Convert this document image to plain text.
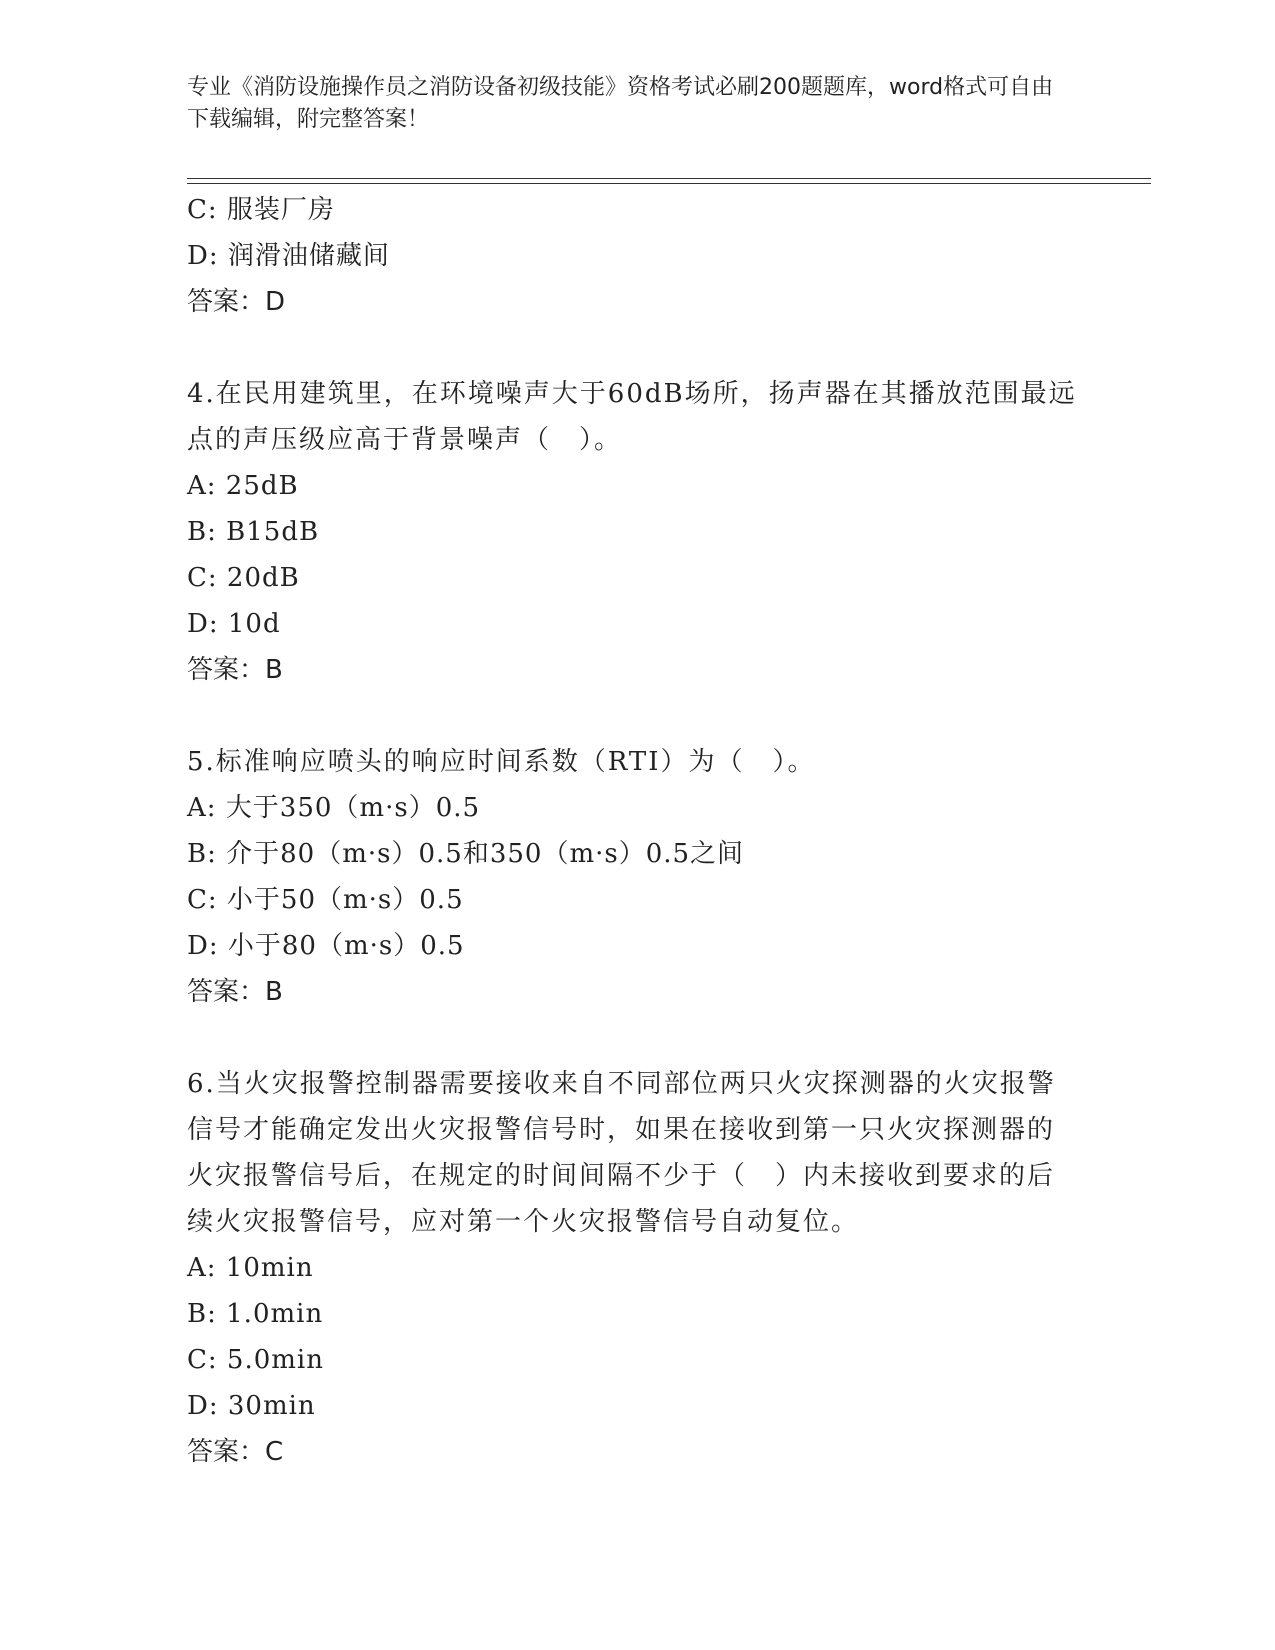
专业《消防设施操作员之消防设备初级技能》资格考试必刷200题题库，word格式可自由下载编辑，附完整答案！
C: 服装厂房
D: 润滑油储藏间
答案：D
4.在民用建筑里，在环境噪声大于60dB场所，扬声器在其播放范围最远点的声压级应高于背景噪声（　）。
A: 25dB
B: B15dB
C: 20dB
D: 10d
答案：B
5.标准响应喷头的响应时间系数（RTI）为（　）。
A: 大于350（m·s）0.5
B: 介于80（m·s）0.5和350（m·s）0.5之间
C: 小于50（m·s）0.5
D: 小于80（m·s）0.5
答案：B
6.当火灾报警控制器需要接收来自不同部位两只火灾探测器的火灾报警信号才能确定发出火灾报警信号时，如果在接收到第一只火灾探测器的火灾报警信号后，在规定的时间间隔不少于（　）内未接收到要求的后续火灾报警信号，应对第一个火灾报警信号自动复位。
A: 10min
B: 1.0min
C: 5.0min
D: 30min
答案：C
